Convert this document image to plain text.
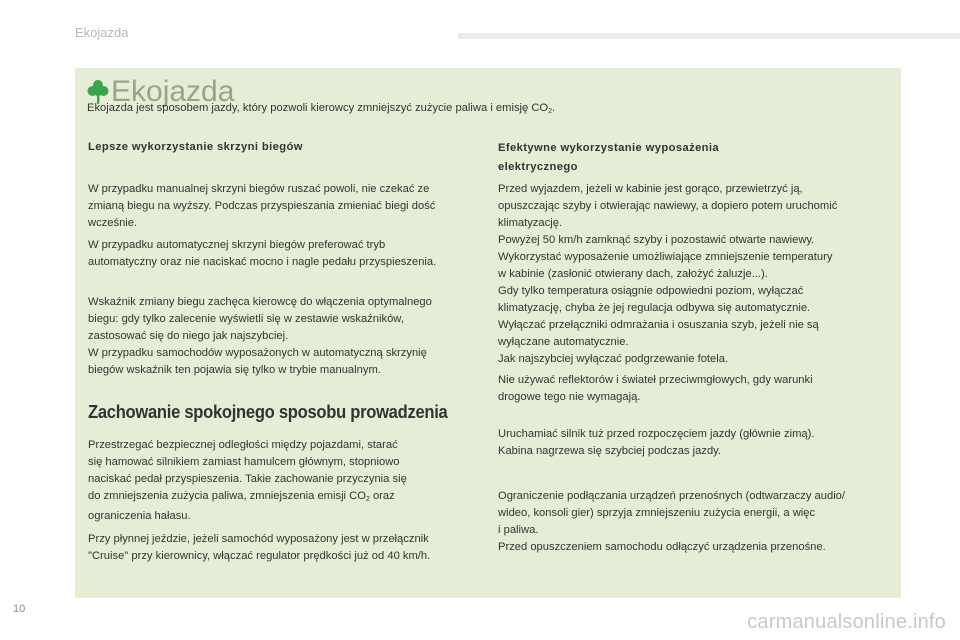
Ekojazda
Ekojazda
Ekojazda jest sposobem jazdy, który pozwoli kierowcy zmniejszyć zużycie paliwa i emisję $CO_2$.
Lepsze wykorzystanie skrzyni biegów

W przypadku manualnej skrzyni biegów ruszać powoli, nie czekać ze
zmianą biegu na wyższy. Podczas przyspieszania zmieniać biegi dość
wcześnie.

W przypadku automatycznej skrzyni biegów preferować tryb
automatyczny oraz nie naciskać mocno i nagle pedału przyspieszenia.

Wskaźnik zmiany biegu zachęca kierowcę do włączenia optymalnego
biegu: gdy tylko zalecenie wyświetli się w zestawie wskaźników,
zastosować się do niego jak najszybciej.
W przypadku samochodów wyposażonych w automatyczną skrzynię
biegów wskaźnik ten pojawia się tylko w trybie manualnym.

Zachowanie spokojnego sposobu prowadzenia

Przestrzegać bezpiecznej odległości między pojazdami, starać
się hamować silnikiem zamiast hamulcem głównym, stopniowo
naciskać pedał przyspieszenia. Takie zachowanie przyczynia się
do zmniejszenia zużycia paliwa, zmniejszenia emisji $CO_2$ oraz
ograniczenia hałasu.

Przy płynnej jeździe, jeżeli samochód wyposażony jest w przełącznik
"Cruise" przy kierownicy, włączać regulator prędkości już od 40 km/h.

Efektywne wykorzystanie wyposażenia
elektrycznego

Przed wyjazdem, jeżeli w kabinie jest gorąco, przewietrzyć ją,
opuszczając szyby i otwierając nawiewy, a dopiero potem uruchomić
klimatyzację.
Powyżej 50 km/h zamknąć szyby i pozostawić otwarte nawiewy.
Wykorzystać wyposażenie umożliwiające zmniejszenie temperatury
w kabinie (zasłonić otwierany dach, założyć żaluzje...).
Gdy tylko temperatura osiągnie odpowiedni poziom, wyłączać
klimatyzację, chyba że jej regulacja odbywa się automatycznie.
Wyłączać przełączniki odmrażania i osuszania szyb, jeżeli nie są
wyłączane automatycznie.
Jak najszybciej wyłączać podgrzewanie fotela.

Nie używać reflektorów i świateł przeciwmgłowych, gdy warunki
drogowe tego nie wymagają.

Uruchamiać silnik tuż przed rozpoczęciem jazdy (głównie zimą).
Kabina nagrzewa się szybciej podczas jazdy.

Ograniczenie podłączania urządzeń przenośnych (odtwarzaczy audio/
wideo, konsoli gier) sprzyja zmniejszeniu zużycia energii, a więc
i paliwa.
Przed opuszczeniem samochodu odłączyć urządzenia przenośne.

10
carmanualsonline.info
